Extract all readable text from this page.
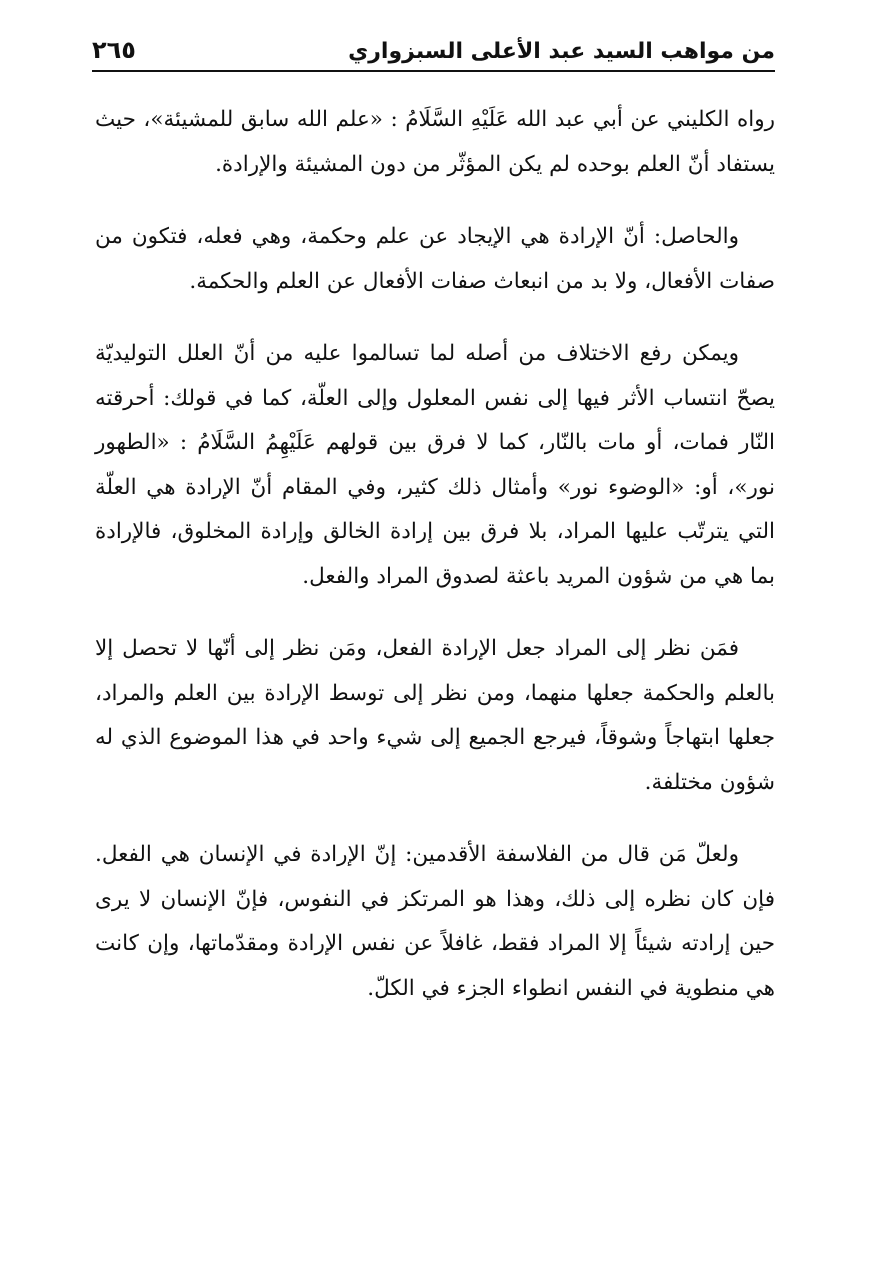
من مواهب السيد عبد الأعلى السبزواري
٢٦٥

رواه الكليني عن أبي عبد الله عَلَيْهِ السَّلَامُ : «علم الله سابق للمشيئة»، حيث يستفاد أنّ العلم بوحده لم يكن المؤثّر من دون المشيئة والإرادة.

والحاصل: أنّ الإرادة هي الإيجاد عن علم وحكمة، وهي فعله، فتكون من صفات الأفعال، ولا بد من انبعاث صفات الأفعال عن العلم والحكمة.

ويمكن رفع الاختلاف من أصله لما تسالموا عليه من أنّ العلل التوليديّة يصحّ انتساب الأثر فيها إلى نفس المعلول وإلى العلّة، كما في قولك: أحرقته النّار فمات، أو مات بالنّار، كما لا فرق بين قولهم عَلَيْهِمُ السَّلَامُ : «الطهور نور»، أو: «الوضوء نور» وأمثال ذلك كثير، وفي المقام أنّ الإرادة هي العلّة التي يترتّب عليها المراد، بلا فرق بين إرادة الخالق وإرادة المخلوق، فالإرادة بما هي من شؤون المريد باعثة لصدوق المراد والفعل.

فمَن نظر إلى المراد جعل الإرادة الفعل، ومَن نظر إلى أنّها لا تحصل إلا بالعلم والحكمة جعلها منهما، ومن نظر إلى توسط الإرادة بين العلم والمراد، جعلها ابتهاجاً وشوقاً، فيرجع الجميع إلى شيء واحد في هذا الموضوع الذي له شؤون مختلفة.

ولعلّ مَن قال من الفلاسفة الأقدمين: إنّ الإرادة في الإنسان هي الفعل. فإن كان نظره إلى ذلك، وهذا هو المرتكز في النفوس، فإنّ الإنسان لا يرى حين إرادته شيئاً إلا المراد فقط، غافلاً عن نفس الإرادة ومقدّماتها، وإن كانت هي منطوية في النفس انطواء الجزء في الكلّ.
